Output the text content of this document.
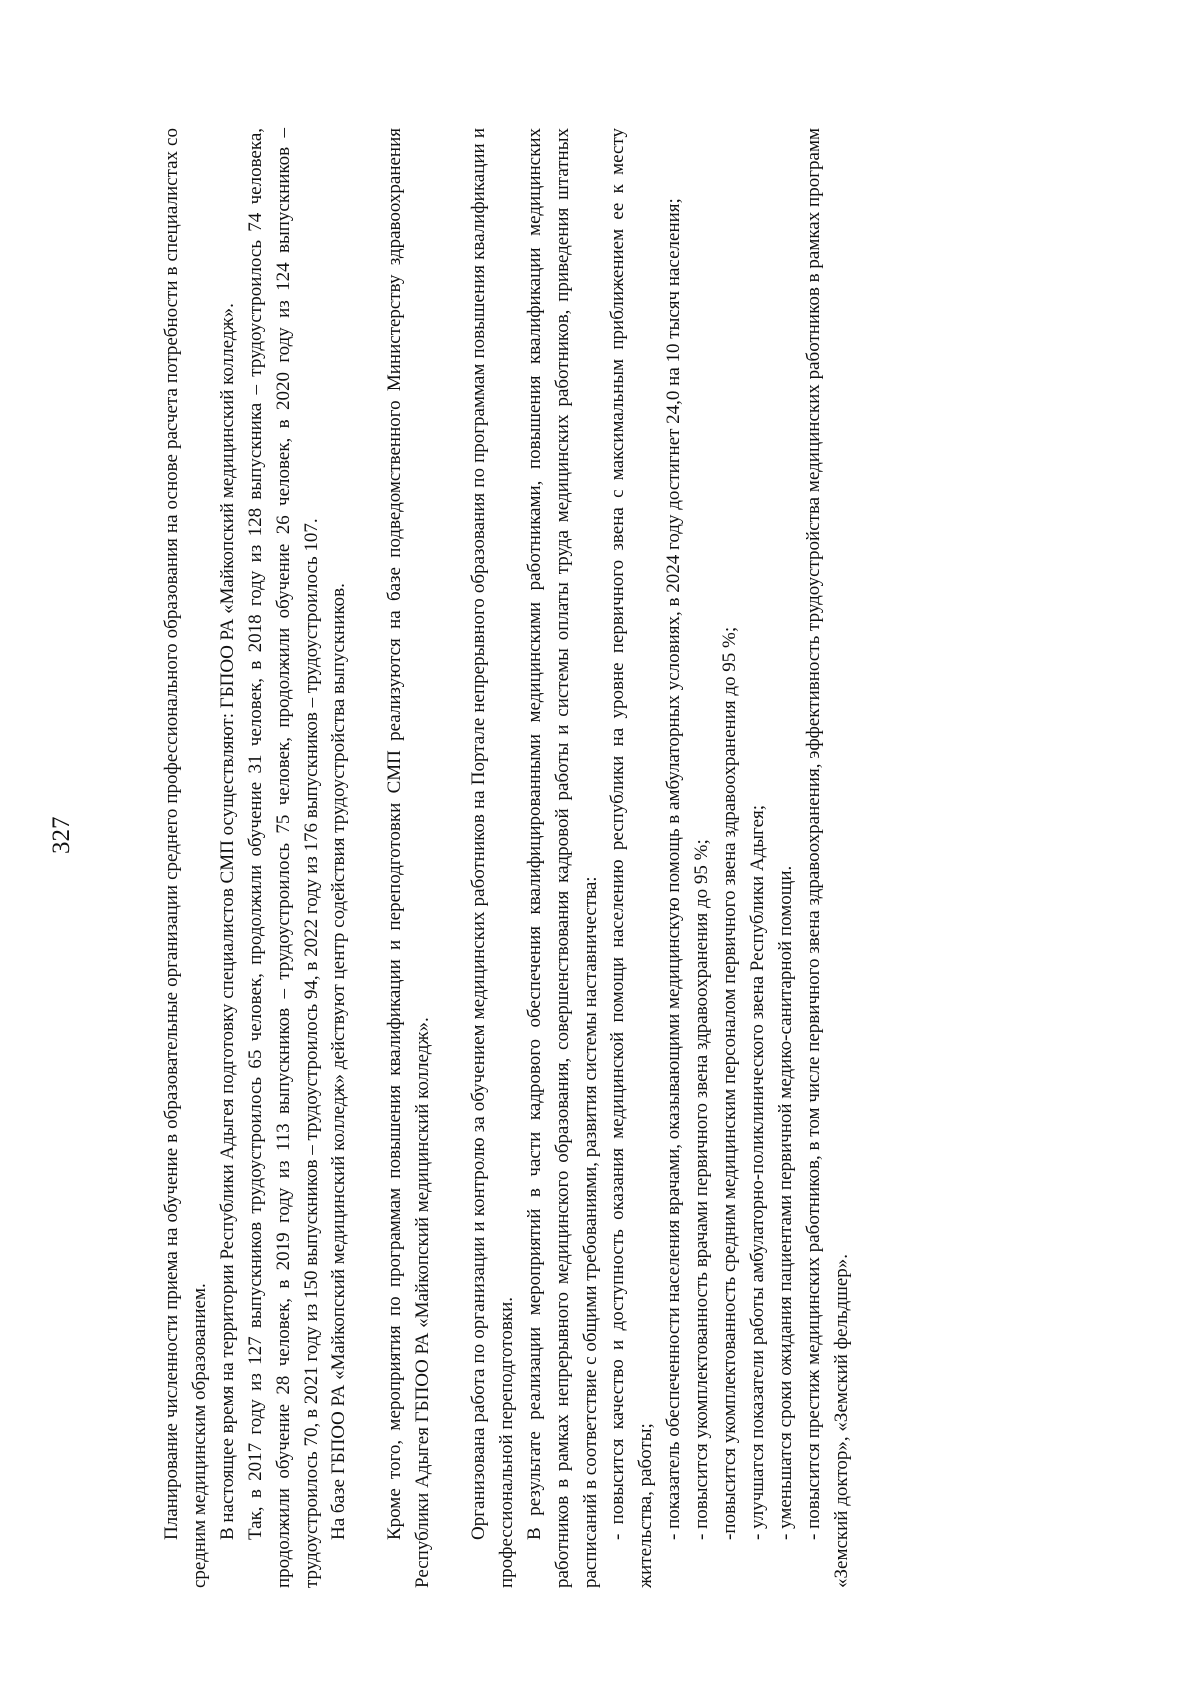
327	Планирование численности приема на обучение в образовательные организации среднего профессионального образования на основе расчета потребности в специалистах со средним медицинским образованием. В настоящее время на территории Республики Адыгея подготовку специалистов СМП осуществляют: ГБПОО РА «Майкопский медицинский колледж». Так, в 2017 году из 127 выпускников трудоустроилось 65 человек, продолжили обучение 31 человек, в 2018 году из 128 выпускника – трудоустроилось 74 человека, продолжили обучение 28 человек, в 2019 году из 113 выпускников – трудоустроилось 75 человек, продолжили обучение 26 человек, в 2020 году из 124 выпускников – трудоустроилось 70, в 2021 году из 150 выпускников – трудоустроилось 94, в 2022 году из 176 выпускников – трудоустроилось 107. На базе ГБПОО РА «Майкопский медицинский колледж» действуют центр содействия трудоустройства выпускников. Кроме того, мероприятия по программам повышения квалификации и переподготовки СМП реализуются на базе подведомственного Министерству здравоохранения Республики Адыгея ГБПОО РА «Майкопский медицинский колледж». Организована работа по организации и контролю за обучением медицинских работников на Портале непрерывного образования по программам повышения квалификации и профессиональной переподготовки. В результате реализации мероприятий в части кадрового обеспечения квалифицированными медицинскими работниками, повышения квалификации медицинских работников в рамках непрерывного медицинского образования, совершенствования кадровой работы и системы оплаты труда медицинских работников, приведения штатных расписаний в соответствие с общими требованиями, развития системы наставничества: - повысится качество и доступность оказания медицинской помощи населению республики на уровне первичного звена с максимальным приближением ее к месту жительства, работы; - показатель обеспеченности населения врачами, оказывающими медицинскую помощь в амбулаторных условиях, в 2024 году достигнет 24,0 на 10 тысяч населения; - повысится укомплектованность врачами первичного звена здравоохранения до 95 %; -повысится укомплектованность средним медицинским персоналом первичного звена здравоохранения до 95 %; - улучшатся показатели работы амбулаторно-поликлинического звена Республики Адыгея; - уменьшатся сроки ожидания пациентами первичной медико-санитарной помощи. - повысится престиж медицинских работников, в том числе первичного звена здравоохранения, эффективность трудоустройства медицинских работников в рамках программ «Земский доктор», «Земский фельдшер».
